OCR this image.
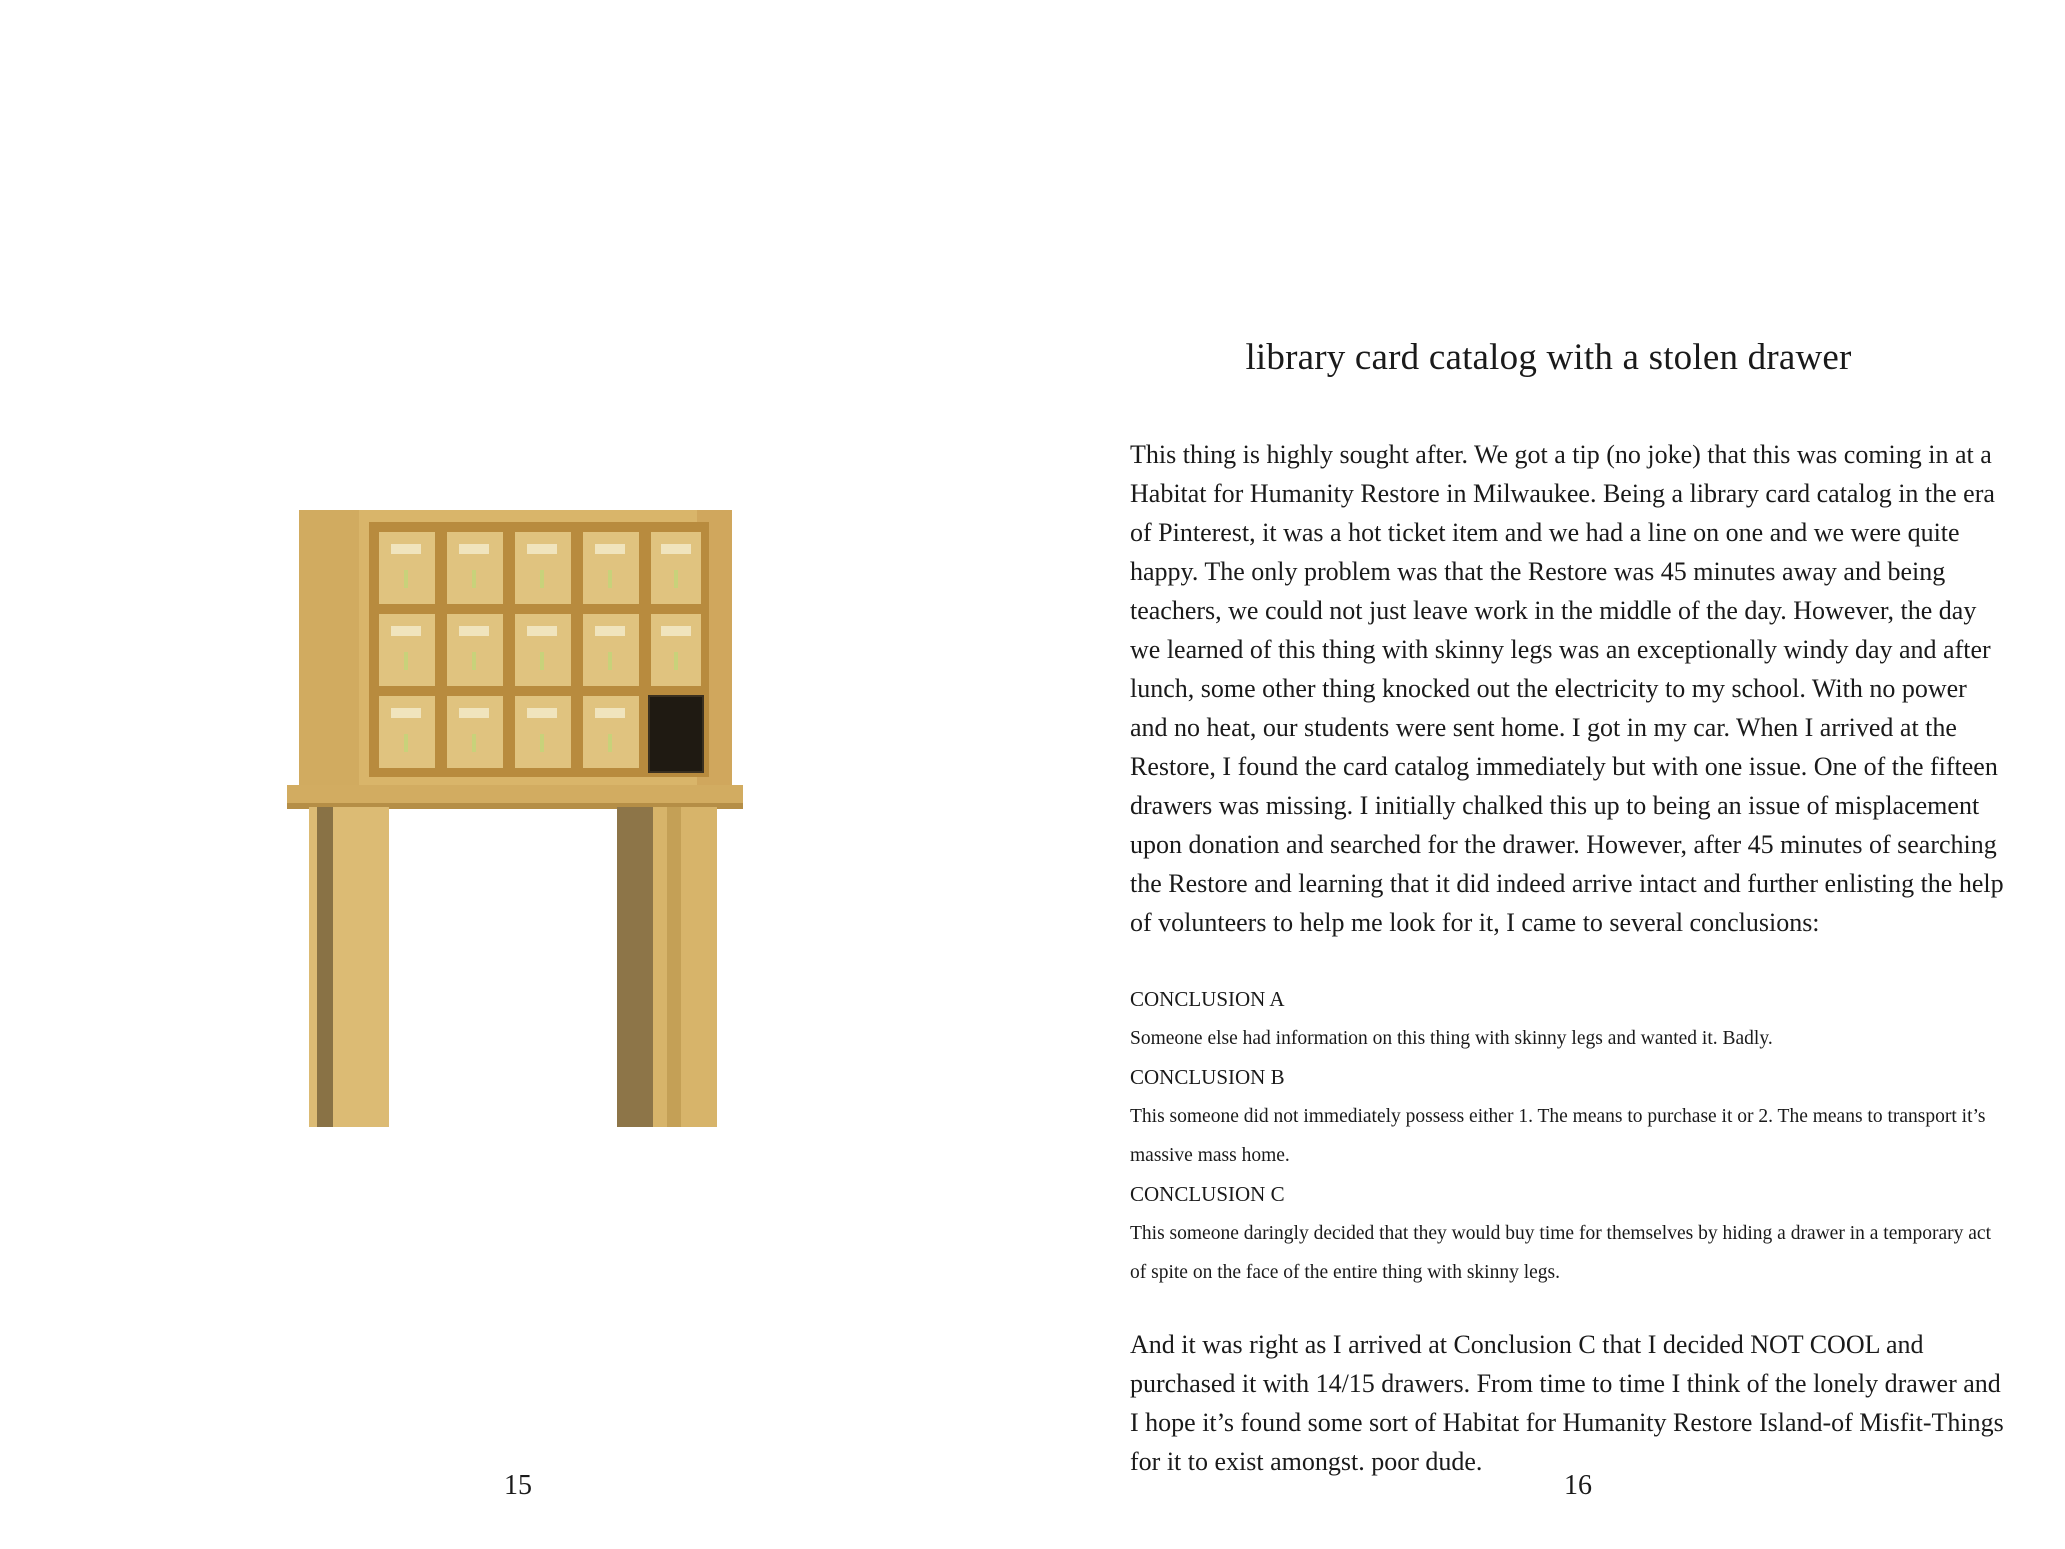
15
library card catalog with a stolen drawer

This thing is highly sought after. We got a tip (no joke) that this was coming in at a Habitat for Humanity Restore in Milwaukee. Being a library card catalog in the era of Pinterest, it was a hot ticket item and we had a line on one and we were quite happy. The only problem was that the Restore was 45 minutes away and being teachers, we could not just leave work in the middle of the day. However, the day we learned of this thing with skinny legs was an exceptionally windy day and after lunch, some other thing knocked out the electricity to my school. With no power and no heat, our students were sent home. I got in my car. When I arrived at the Restore, I found the card catalog immediately but with one issue. One of the fifteen drawers was missing. I initially chalked this up to being an issue of misplacement upon donation and searched for the drawer. However, after 45 minutes of searching the Restore and learning that it did indeed arrive intact and further enlisting the help of volunteers to help me look for it, I came to several conclusions:

CONCLUSION A

Someone else had information on this thing with skinny legs and wanted it. Badly.

CONCLUSION B

This someone did not immediately possess either 1. The means to purchase it or 2. The means to transport it’s massive mass home.

CONCLUSION C

This someone daringly decided that they would buy time for themselves by hiding a drawer in a temporary act of spite on the face of the entire thing with skinny legs.

And it was right as I arrived at Conclusion C that I decided NOT COOL and purchased it with 14/15 drawers. From time to time I think of the lonely drawer and I hope it’s found some sort of Habitat for Humanity Restore Island-of Misfit-Things for it to exist amongst. poor dude.

16
